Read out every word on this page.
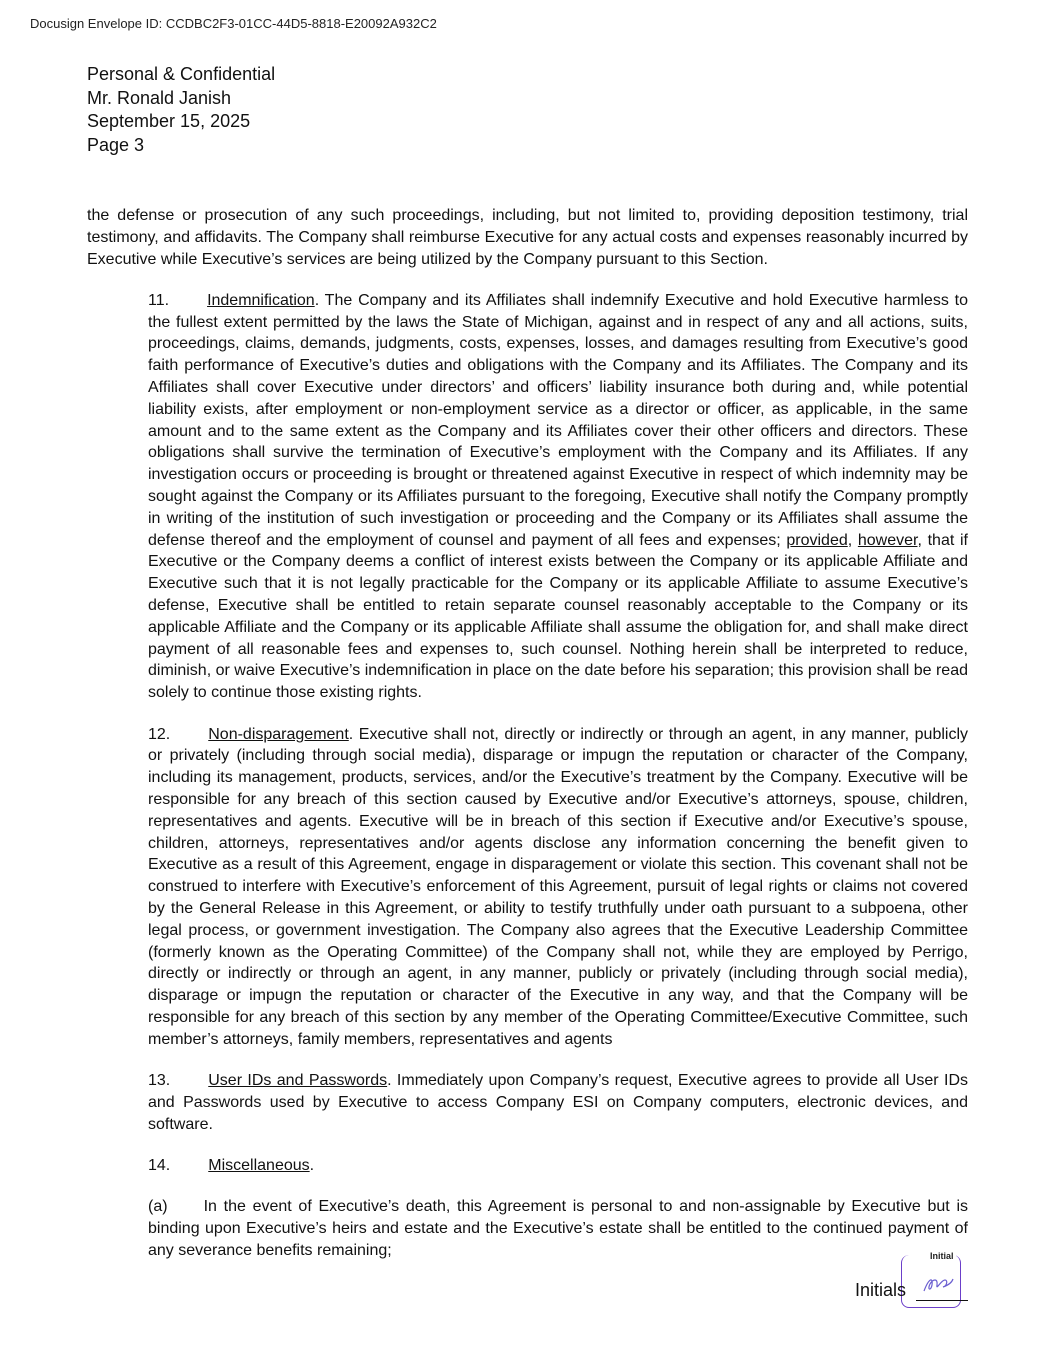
Docusign Envelope ID: CCDBC2F3-01CC-44D5-8818-E20092A932C2
Personal & Confidential
Mr. Ronald Janish
September 15, 2025
Page 3

the defense or prosecution of any such proceedings, including, but not limited to, providing deposition testimony, trial testimony, and affidavits. The Company shall reimburse Executive for any actual costs and expenses reasonably incurred by Executive while Executive’s services are being utilized by the Company pursuant to this Section.

11. Indemnification. The Company and its Affiliates shall indemnify Executive and hold Executive harmless to the fullest extent permitted by the laws the State of Michigan, against and in respect of any and all actions, suits, proceedings, claims, demands, judgments, costs, expenses, losses, and damages resulting from Executive’s good faith performance of Executive’s duties and obligations with the Company and its Affiliates. The Company and its Affiliates shall cover Executive under directors’ and officers’ liability insurance both during and, while potential liability exists, after employment or non-employment service as a director or officer, as applicable, in the same amount and to the same extent as the Company and its Affiliates cover their other officers and directors. These obligations shall survive the termination of Executive’s employment with the Company and its Affiliates. If any investigation occurs or proceeding is brought or threatened against Executive in respect of which indemnity may be sought against the Company or its Affiliates pursuant to the foregoing, Executive shall notify the Company promptly in writing of the institution of such investigation or proceeding and the Company or its Affiliates shall assume the defense thereof and the employment of counsel and payment of all fees and expenses; provided, however, that if Executive or the Company deems a conflict of interest exists between the Company or its applicable Affiliate and Executive such that it is not legally practicable for the Company or its applicable Affiliate to assume Executive’s defense, Executive shall be entitled to retain separate counsel reasonably acceptable to the Company or its applicable Affiliate and the Company or its applicable Affiliate shall assume the obligation for, and shall make direct payment of all reasonable fees and expenses to, such counsel. Nothing herein shall be interpreted to reduce, diminish, or waive Executive’s indemnification in place on the date before his separation; this provision shall be read solely to continue those existing rights.

12. Non-disparagement. Executive shall not, directly or indirectly or through an agent, in any manner, publicly or privately (including through social media), disparage or impugn the reputation or character of the Company, including its management, products, services, and/or the Executive’s treatment by the Company. Executive will be responsible for any breach of this section caused by Executive and/or Executive’s attorneys, spouse, children, representatives and agents. Executive will be in breach of this section if Executive and/or Executive’s spouse, children, attorneys, representatives and/or agents disclose any information concerning the benefit given to Executive as a result of this Agreement, engage in disparagement or violate this section. This covenant shall not be construed to interfere with Executive’s enforcement of this Agreement, pursuit of legal rights or claims not covered by the General Release in this Agreement, or ability to testify truthfully under oath pursuant to a subpoena, other legal process, or government investigation. The Company also agrees that the Executive Leadership Committee (formerly known as the Operating Committee) of the Company shall not, while they are employed by Perrigo, directly or indirectly or through an agent, in any manner, publicly or privately (including through social media), disparage or impugn the reputation or character of the Executive in any way, and that the Company will be responsible for any breach of this section by any member of the Operating Committee/Executive Committee, such member’s attorneys, family members, representatives and agents

13. User IDs and Passwords. Immediately upon Company’s request, Executive agrees to provide all User IDs and Passwords used by Executive to access Company ESI on Company computers, electronic devices, and software.

14. Miscellaneous.

(a) In the event of Executive’s death, this Agreement is personal to and non-assignable by Executive but is binding upon Executive’s heirs and estate and the Executive’s estate shall be entitled to the continued payment of any severance benefits remaining;	Initial
Initials
